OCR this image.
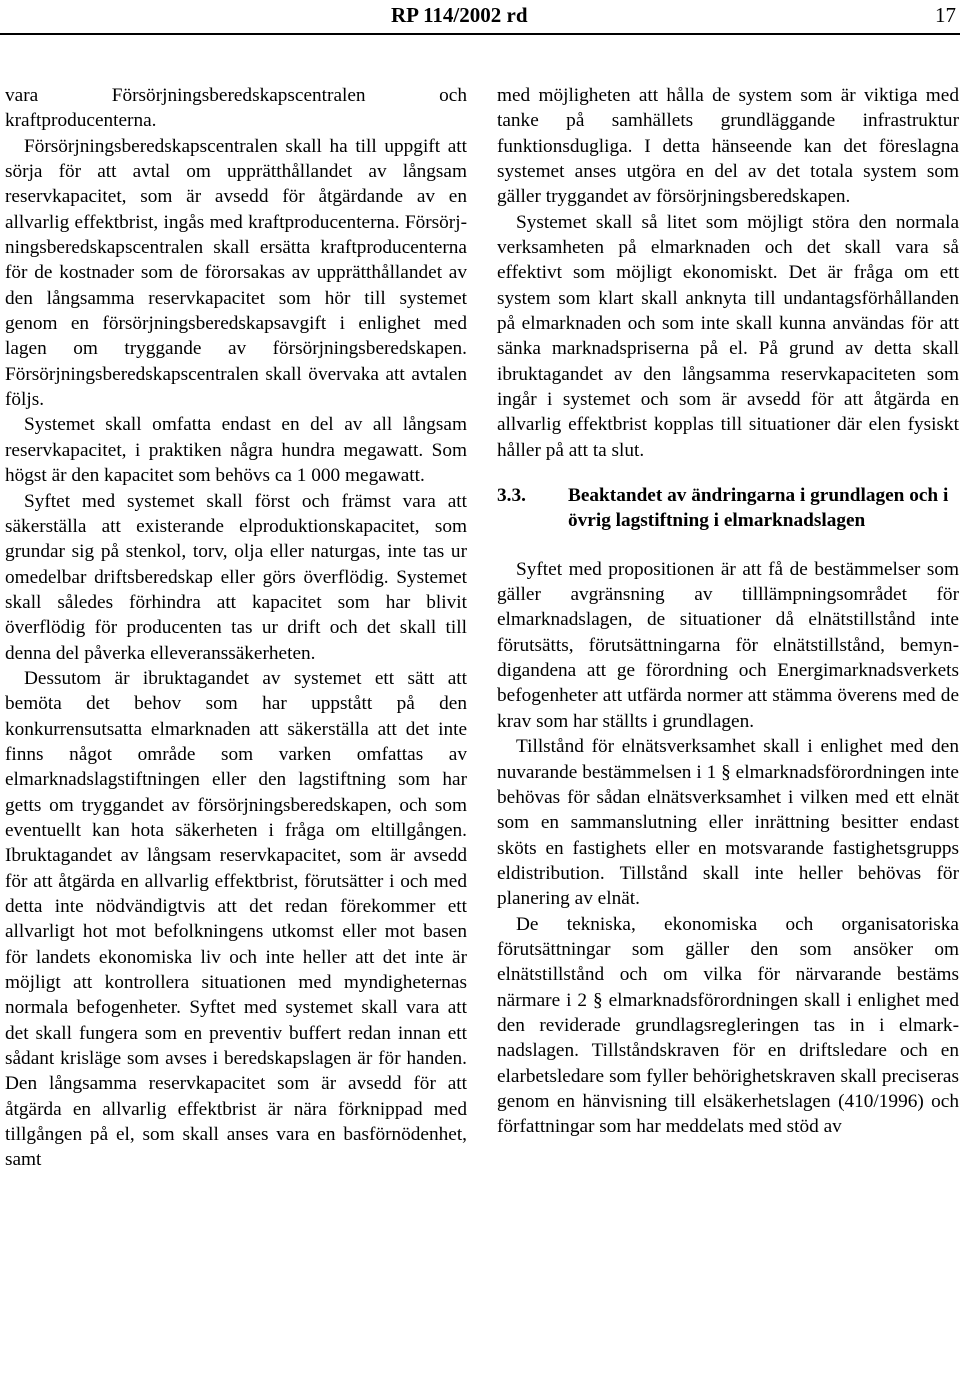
RP 114/2002 rd	17

vara Försörjningsberedskapscentralen och kraftproducenterna.

Försörjningsberedskapscentralen skall ha till uppgift att sörja för att avtal om upprätthållandet av långsam reservkapacitet, som är avsedd för åtgärdande av en allvarlig effektbrist, ingås med kraftproducenterna. Försörjningsberedskapscentralen skall ersätta kraftproducenterna för de kostnader som de förorsakas av upprätthållandet av den långsamma reservkapacitet som hör till systemet genom en försörjningsberedskapsavgift i enlighet med lagen om tryggande av försörjningsberedskapen. Försörjningsberedskapscentralen skall övervaka att avtalen följs.

Systemet skall omfatta endast en del av all långsam reservkapacitet, i praktiken några hundra megawatt. Som högst är den kapacitet som behövs ca 1 000 megawatt.

Syftet med systemet skall först och främst vara att säkerställa att existerande elproduktionskapacitet, som grundar sig på stenkol, torv, olja eller naturgas, inte tas ur omedelbar driftsberedskap eller görs överflödig. Systemet skall således förhindra att kapacitet som har blivit överflödig för producenten tas ur drift och det skall till denna del påverka elleveranssäkerheten.

Dessutom är ibruktagandet av systemet ett sätt att bemöta det behov som har uppstått på den konkurrensutsatta elmarknaden att säkerställa att det inte finns något område som varken omfattas av elmarknadslagstiftningen eller den lagstiftning som har getts om tryggandet av försörjningsberedskapen, och som eventuellt kan hota säkerheten i fråga om eltillgången. Ibruktagandet av långsam reservkapacitet, som är avsedd för att åtgärda en allvarlig effektbrist, förutsätter i och med detta inte nödvändigtvis att det redan förekommer ett allvarligt hot mot befolkningens utkomst eller mot basen för landets ekonomiska liv och inte heller att det inte är möjligt att kontrollera situationen med myndigheternas normala befogenheter. Syftet med systemet skall vara att det skall fungera som en preventiv buffert redan innan ett sådant krisläge som avses i beredskapslagen är för handen. Den långsamma reservkapacitet som är avsedd för att åtgärda en allvarlig effektbrist är nära förknippad med tillgången på el, som skall anses vara en basförnödenhet, samt

med möjligheten att hålla de system som är viktiga med tanke på samhällets grundläggande infrastruktur funktionsdugliga. I detta hänseende kan det föreslagna systemet anses utgöra en del av det totala system som gäller tryggandet av försörjningsberedskapen.

Systemet skall så litet som möjligt störa den normala verksamheten på elmarknaden och det skall vara så effektivt som möjligt ekonomiskt. Det är fråga om ett system som klart skall anknyta till undantagsförhållanden på elmarknaden och som inte skall kunna användas för att sänka marknadspriserna på el. På grund av detta skall ibruktagandet av den långsamma reservkapaciteten som ingår i systemet och som är avsedd för att åtgärda en allvarlig effektbrist kopplas till situationer där elen fysiskt håller på att ta slut.

3.3.	Beaktandet av ändringarna i grundlagen och i övrig lagstiftning i elmarknadslagen

Syftet med propositionen är att få de bestämmelser som gäller avgränsning av tilllämpningsområdet för elmarknadslagen, de situationer då elnätstillstånd inte förutsätts, förutsättningarna för elnätstillstånd, bemyndigandena att ge förordning och Energimarknadsverkets befogenheter att utfärda normer att stämma överens med de krav som har ställts i grundlagen.

Tillstånd för elnätsverksamhet skall i enlighet med den nuvarande bestämmelsen i 1 § elmarknadsförordningen inte behövas för sådan elnätsverksamhet i vilken med ett elnät som en sammanslutning eller inrättning besitter endast sköts en fastighets eller en motsvarande fastighetsgrupps eldistribution. Tillstånd skall inte heller behövas för planering av elnät.

De tekniska, ekonomiska och organisatoriska förutsättningar som gäller den som ansöker om elnätstillstånd och om vilka för närvarande bestäms närmare i 2 § elmarknadsförordningen skall i enlighet med den reviderade grundlagsregleringen tas in i elmarknadslagen. Tillståndskraven för en driftsledare och en elarbetsledare som fyller behörighetskraven skall preciseras genom en hänvisning till elsäkerhetslagen (410/1996) och författningar som har meddelats med stöd av
